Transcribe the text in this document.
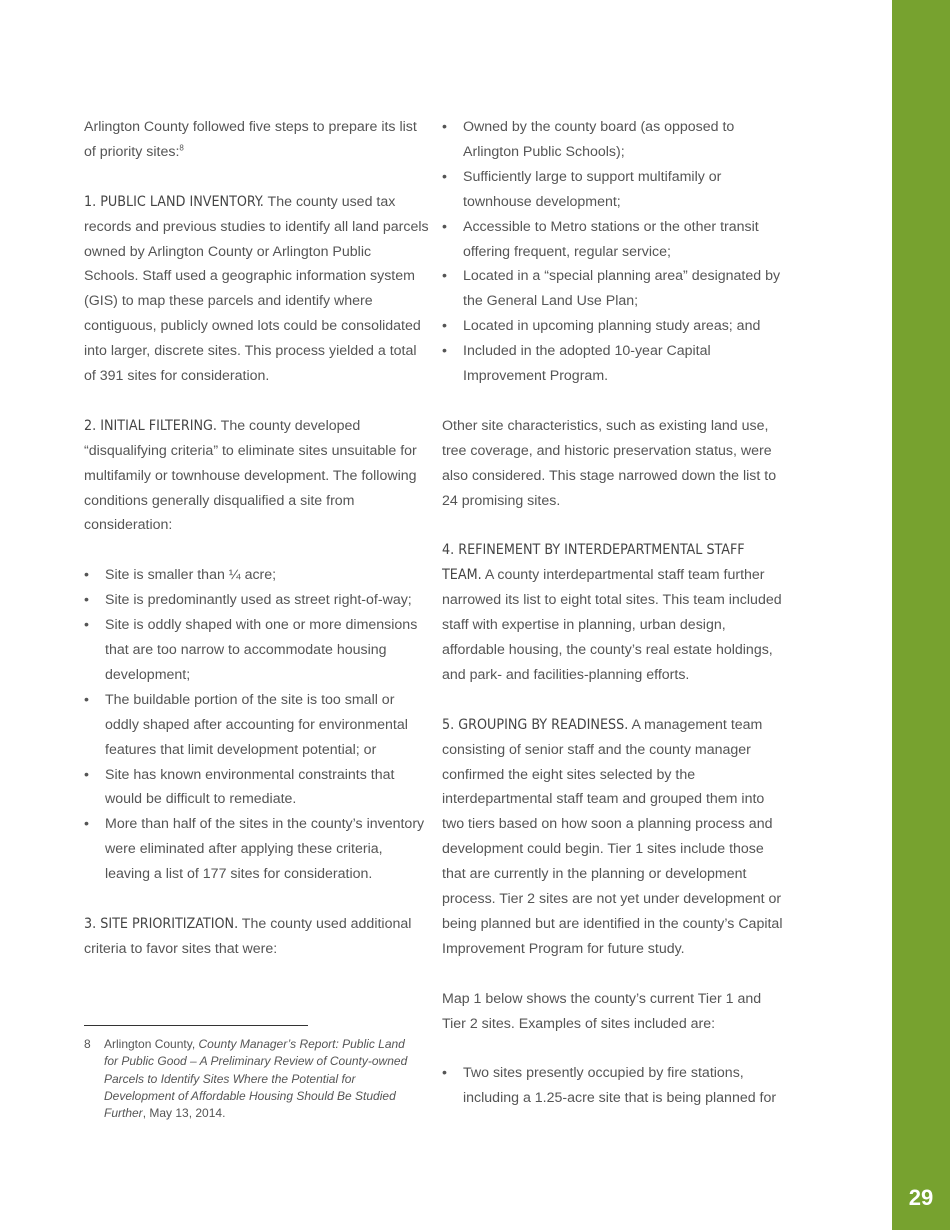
29

Arlington County followed five steps to prepare its list of priority sites:$^8$

1. PUBLIC LAND INVENTORY. The county used tax records and previous studies to identify all land parcels owned by Arlington County or Arlington Public Schools. Staff used a geographic information system (GIS) to map these parcels and identify where contiguous, publicly owned lots could be consolidated into larger, discrete sites. This process yielded a total of 391 sites for consideration.

2. INITIAL FILTERING. The county developed “disqualifying criteria” to eliminate sites unsuitable for multifamily or townhouse development. The following conditions generally disqualified a site from consideration:

• Site is smaller than ¼ acre;
• Site is predominantly used as street right-of-way;
• Site is oddly shaped with one or more dimensions that are too narrow to accommodate housing development;
• The buildable portion of the site is too small or oddly shaped after accounting for environmental features that limit development potential; or
• Site has known environmental constraints that would be difficult to remediate.
• More than half of the sites in the county’s inventory were eliminated after applying these criteria, leaving a list of 177 sites for consideration.

3. SITE PRIORITIZATION. The county used additional criteria to favor sites that were:

• Owned by the county board (as opposed to Arlington Public Schools);
• Sufficiently large to support multifamily or townhouse development;
• Accessible to Metro stations or the other transit offering frequent, regular service;
• Located in a “special planning area” designated by the General Land Use Plan;
• Located in upcoming planning study areas; and
• Included in the adopted 10-year Capital Improvement Program.

Other site characteristics, such as existing land use, tree coverage, and historic preservation status, were also considered. This stage narrowed down the list to 24 promising sites.

4. REFINEMENT BY INTERDEPARTMENTAL STAFF TEAM. A county interdepartmental staff team further narrowed its list to eight total sites. This team included staff with expertise in planning, urban design, affordable housing, the county’s real estate holdings, and park- and facilities-planning efforts.

5. GROUPING BY READINESS. A management team consisting of senior staff and the county manager confirmed the eight sites selected by the interdepartmental staff team and grouped them into two tiers based on how soon a planning process and development could begin. Tier 1 sites include those that are currently in the planning or development process. Tier 2 sites are not yet under development or being planned but are identified in the county’s Capital Improvement Program for future study.

Map 1 below shows the county’s current Tier 1 and Tier 2 sites. Examples of sites included are:

• Two sites presently occupied by fire stations, including a 1.25-acre site that is being planned for
8 Arlington County, County Manager’s Report: Public Land for Public Good – A Preliminary Review of County-owned Parcels to Identify Sites Where the Potential for Development of Affordable Housing Should Be Studied Further, May 13, 2014.
